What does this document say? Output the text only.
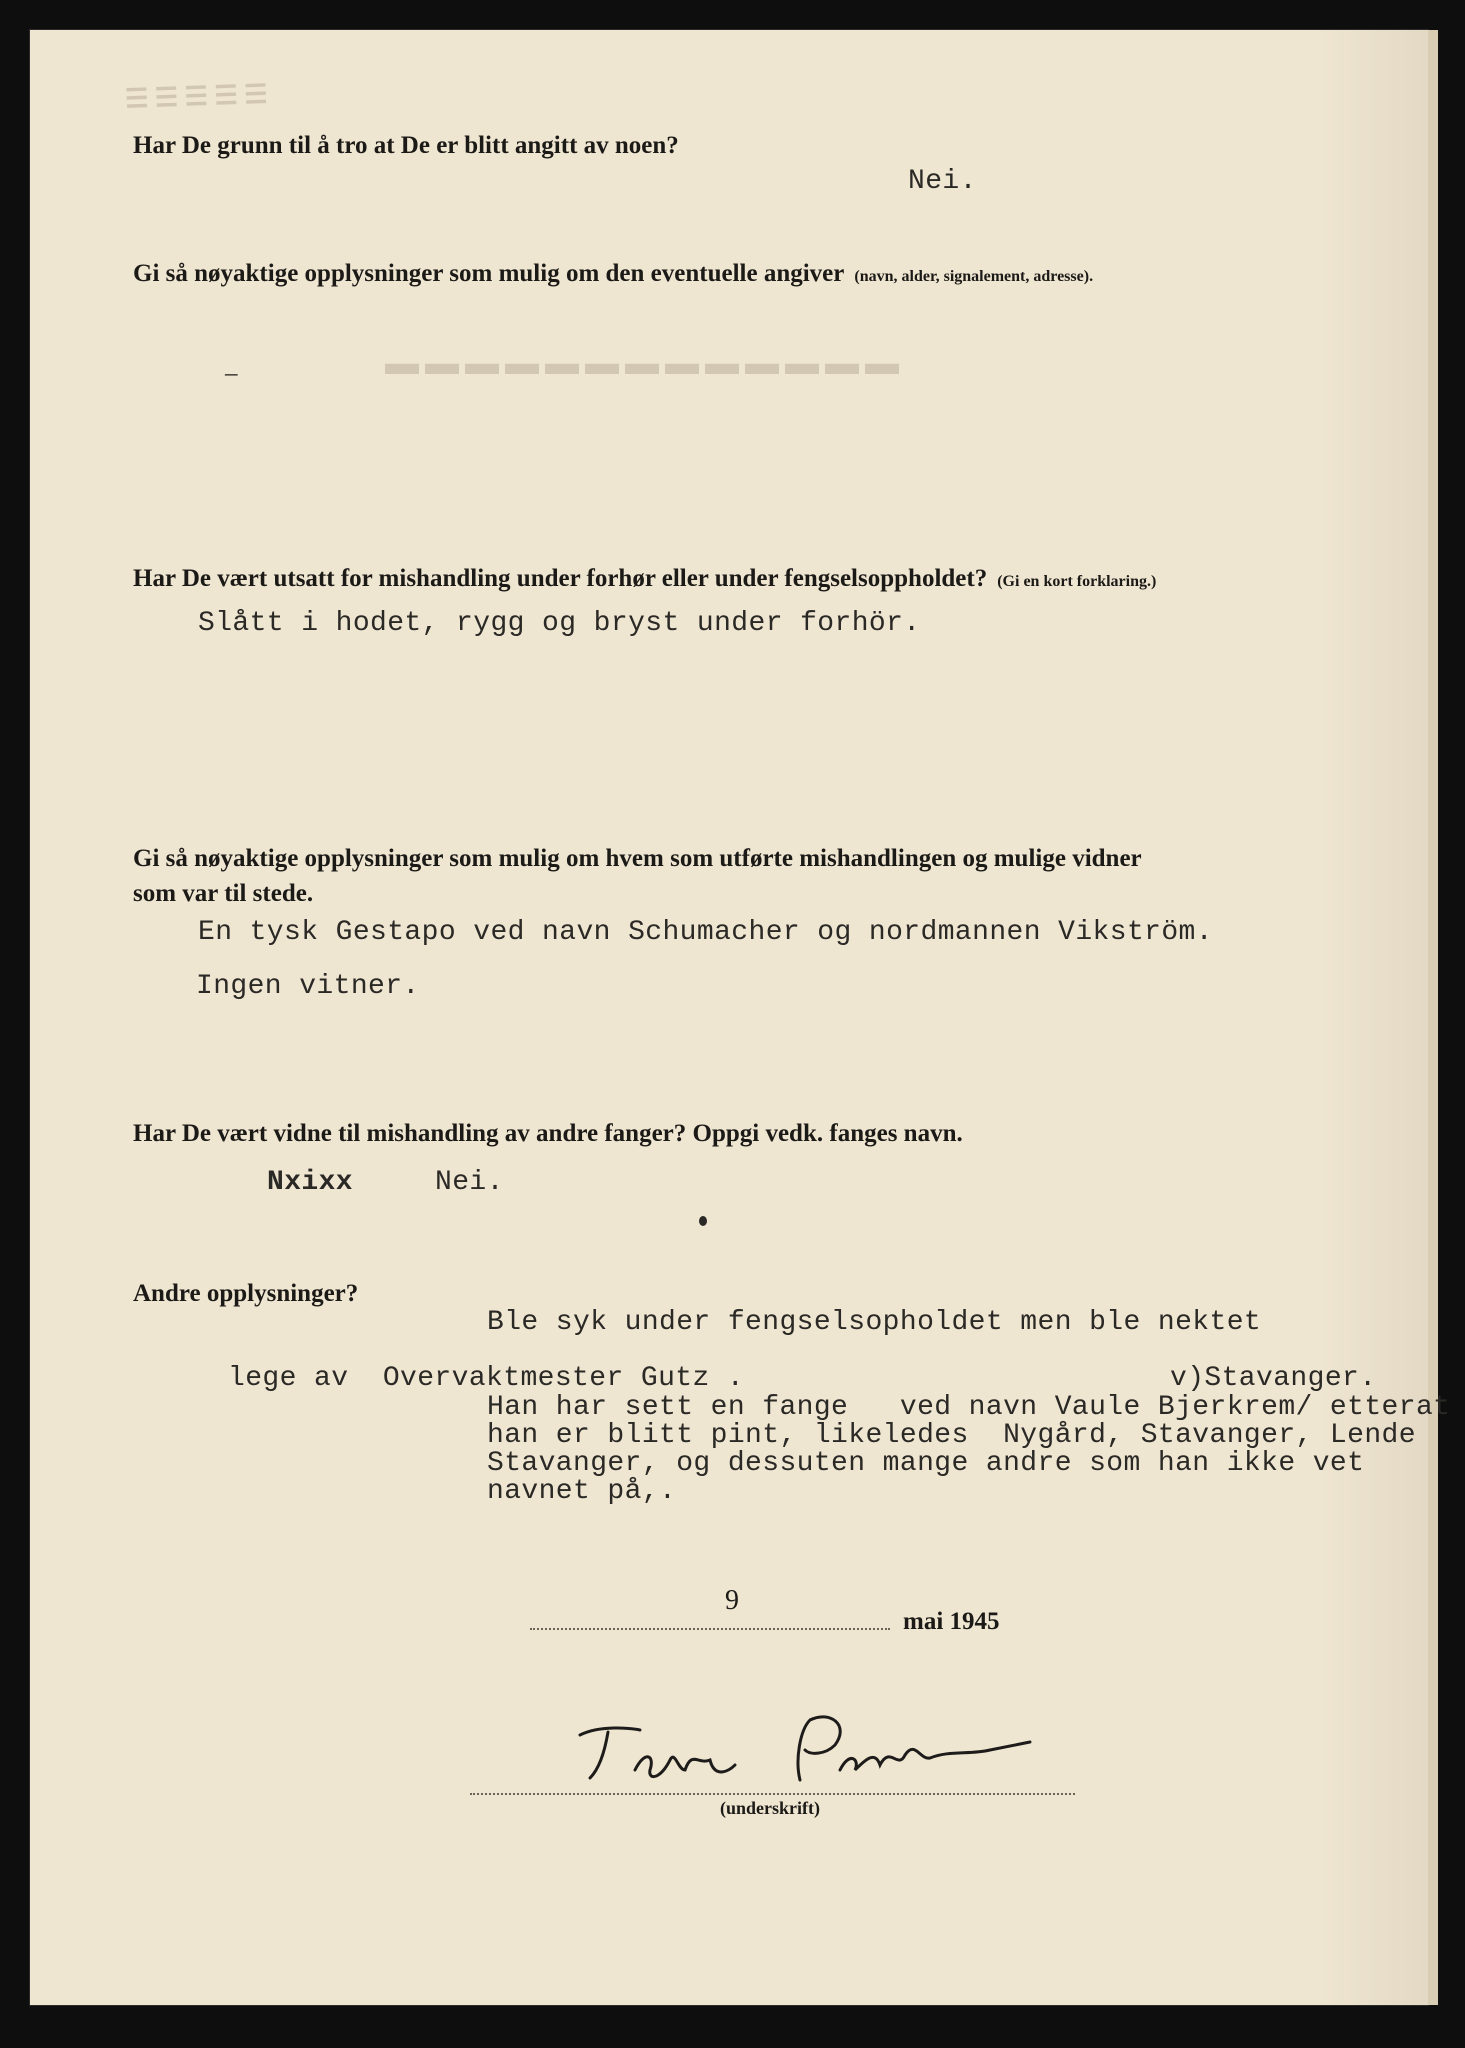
☰ ☰ ☰ ☰ ☰
▬▬▬▬▬▬▬▬▬▬▬▬▬
Har De grunn til å tro at De er blitt angitt av noen?
Nei.
Gi så nøyaktige opplysninger som mulig om den eventuelle angiver (navn, alder, signalement, adresse).
–
Har De vært utsatt for mishandling under forhør eller under fengselsoppholdet? (Gi en kort forklaring.)
Slått i hodet, rygg og bryst under forhör.
Gi så nøyaktige opplysninger som mulig om hvem som utførte mishandlingen og mulige vidner
som var til stede.
En tysk Gestapo ved navn Schumacher og nordmannen Vikström.
Ingen vitner.
Har De vært vidne til mishandling av andre fanger? Oppgi vedk. fanges navn.
Nxixx	Nei.
Andre opplysninger?
Ble syk under fengselsopholdet men ble nektet
lege av  Overvaktmester Gutz .	v)Stavanger.
Han har sett en fange   ved navn Vaule Bjerkrem/ etterat
han er blitt pint, likeledes  Nygård, Stavanger, Lende
Stavanger, og dessuten mange andre som han ikke vet
navnet på,.
9
mai 1945
(underskrift)
